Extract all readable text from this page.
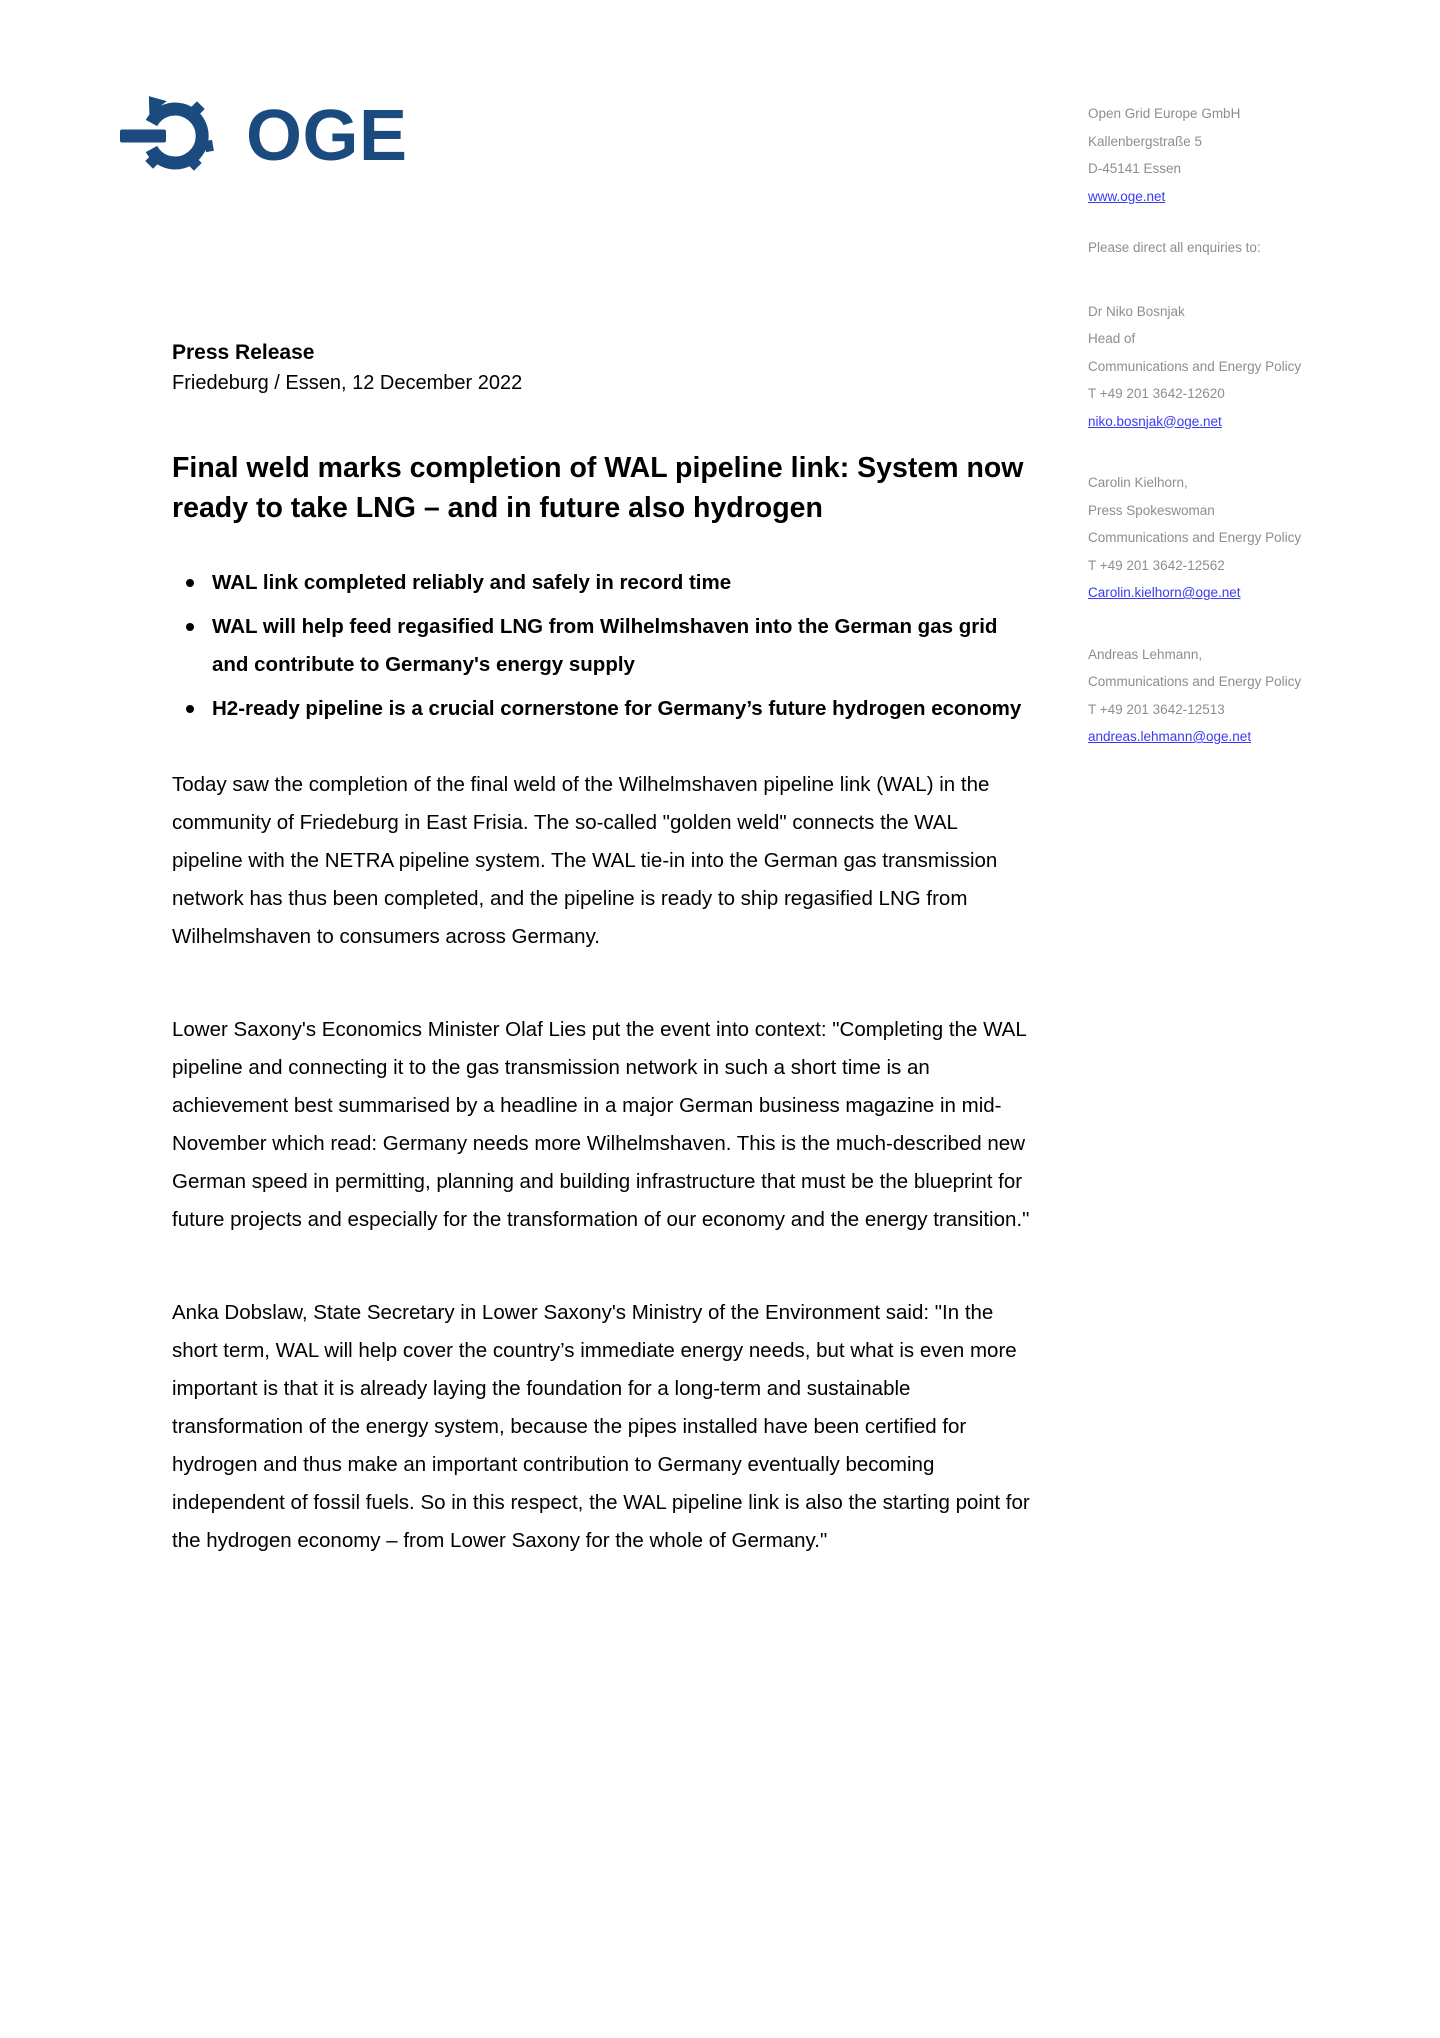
OGE	Open Grid Europe GmbH
Kallenbergstraße 5
D-45141 Essen
www.oge.net
Please direct all enquiries to:
Dr Niko Bosnjak
Head of
Communications and Energy Policy
T +49 201 3642-12620
niko.bosnjak@oge.net
Carolin Kielhorn,
Press Spokeswoman
Communications and Energy Policy
T +49 201 3642-12562
Carolin.kielhorn@oge.net
Andreas Lehmann,
Communications and Energy Policy
T +49 201 3642-12513
andreas.lehmann@oge.net
Press Release
Friedeburg / Essen, 12 December 2022
Final weld marks completion of WAL pipeline link: System now ready to take LNG – and in future also hydrogen
WAL link completed reliably and safely in record time
WAL will help feed regasified LNG from Wilhelmshaven into the German gas grid and contribute to Germany's energy supply
H2-ready pipeline is a crucial cornerstone for Germany’s future hydrogen economy

Today saw the completion of the final weld of the Wilhelmshaven pipeline link (WAL) in the community of Friedeburg in East Frisia. The so-called "golden weld" connects the WAL pipeline with the NETRA pipeline system. The WAL tie-in into the German gas transmission network has thus been completed, and the pipeline is ready to ship regasified LNG from Wilhelmshaven to consumers across Germany.

Lower Saxony's Economics Minister Olaf Lies put the event into context: "Completing the WAL pipeline and connecting it to the gas transmission network in such a short time is an achievement best summarised by a headline in a major German business magazine in mid-November which read: Germany needs more Wilhelmshaven. This is the much-described new German speed in permitting, planning and building infrastructure that must be the blueprint for future projects and especially for the transformation of our economy and the energy transition."

Anka Dobslaw, State Secretary in Lower Saxony's Ministry of the Environment said: "In the short term, WAL will help cover the country’s immediate energy needs, but what is even more important is that it is already laying the foundation for a long-term and sustainable transformation of the energy system, because the pipes installed have been certified for hydrogen and thus make an important contribution to Germany eventually becoming independent of fossil fuels. So in this respect, the WAL pipeline link is also the starting point for the hydrogen economy – from Lower Saxony for the whole of Germany."
